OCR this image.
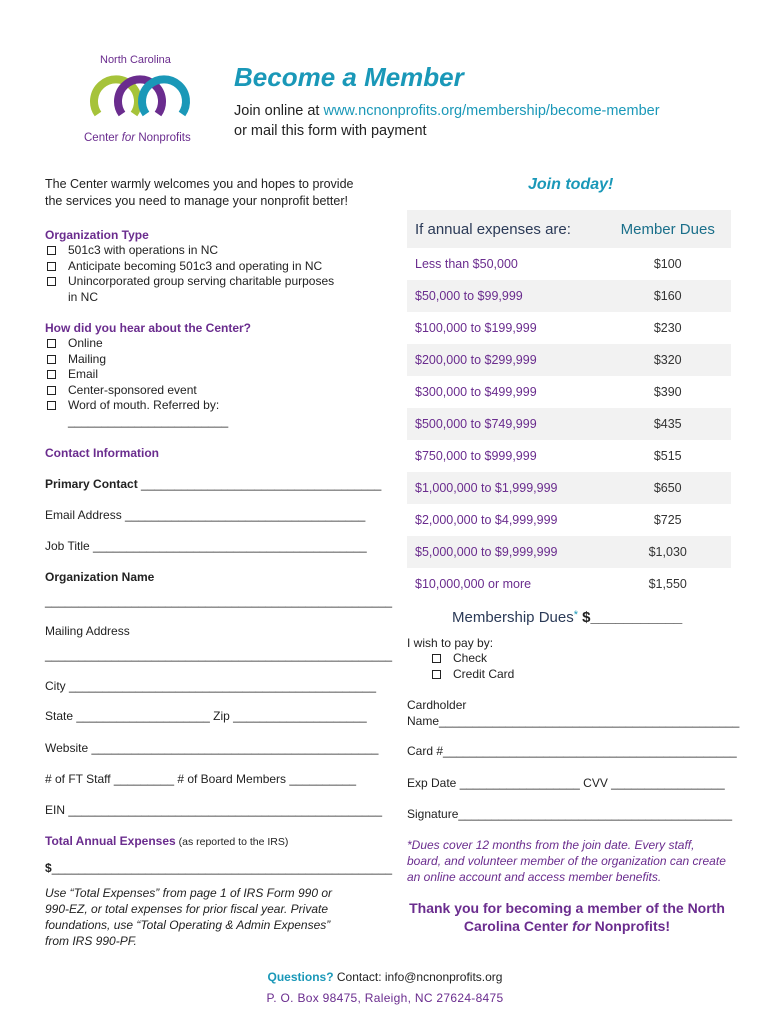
North Carolina
Center for Nonprofits
Become a Member
Join online at www.ncnonprofits.org/membership/become-member
or mail this form with payment
The Center warmly welcomes you and hopes to provide the services you need to manage your nonprofit better!
Organization Type
501c3 with operations in NC
Anticipate becoming 501c3 and operating in NC
Unincorporated group serving charitable purposes in NC
How did you hear about the Center?
Online
Mailing
Email
Center-sponsored event
Word of mouth. Referred by:
________________________
Contact Information
Primary Contact ____________________________________
Email Address ____________________________________
Job Title _________________________________________
Organization Name
____________________________________________________
Mailing Address
____________________________________________________
City ______________________________________________
State ____________________ Zip ____________________
Website ___________________________________________
# of FT Staff _________ # of Board Members __________
EIN _______________________________________________
Total Annual Expenses (as reported to the IRS)
$___________________________________________________
Use “Total Expenses” from page 1 of IRS Form 990 or 990-EZ, or total expenses for prior fiscal year. Private foundations, use “Total Operating & Admin Expenses” from IRS 990-PF.
Join today!
If annual expenses are:	Member Dues
Less than $50,000	$100
$50,000 to $99,999	$160
$100,000 to $199,999	$230
$200,000 to $299,999	$320
$300,000 to $499,999	$390
$500,000 to $749,999	$435
$750,000 to $999,999	$515
$1,000,000 to $1,999,999	$650
$2,000,000 to $4,999,999	$725
$5,000,000 to $9,999,999	$1,030
$10,000,000 or more	$1,550
Membership Dues* $___________
I wish to pay by:
Check
Credit Card
Cardholder
Name_____________________________________________
Card #____________________________________________
Exp Date __________________ CVV _________________
Signature_________________________________________
*Dues cover 12 months from the join date. Every staff, board, and volunteer member of the organization can create an online account and access member benefits.
Thank you for becoming a member of the North
Carolina Center for Nonprofits!
Questions? Contact: info@ncnonprofits.org
P. O. Box 98475, Raleigh, NC 27624-8475
